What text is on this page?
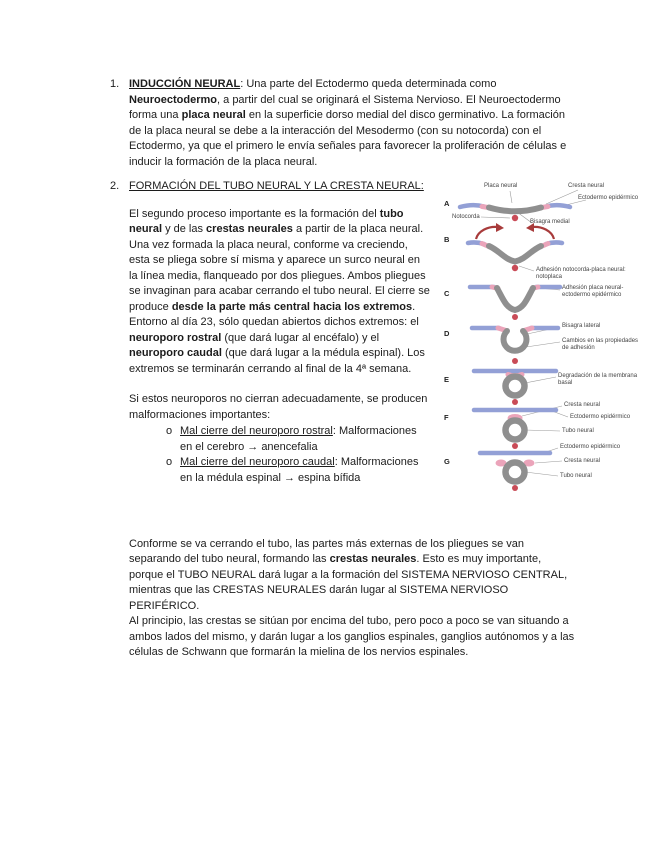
1. INDUCCIÓN NEURAL: Una parte del Ectodermo queda determinada como Neuroectodermo, a partir del cual se originará el Sistema Nervioso. El Neuroectodermo forma una placa neural en la superficie dorso medial del disco germinativo. La formación de la placa neural se debe a la interacción del Mesodermo (con su notocorda) con el Ectodermo, ya que el primero le envía señales para favorecer la proliferación de células e inducir la formación de la placa neural.

2. FORMACIÓN DEL TUBO NEURAL Y LA CRESTA NEURAL:

El segundo proceso importante es la formación del tubo neural y de las crestas neurales a partir de la placa neural. Una vez formada la placa neural, conforme va creciendo, esta se pliega sobre sí misma y aparece un surco neural en la línea media, flanqueado por dos pliegues. Ambos pliegues se invaginan para acabar cerrando el tubo neural. El cierre se produce desde la parte más central hacia los extremos. Entorno al día 23, sólo quedan abiertos dichos extremos: el neuroporo rostral (que dará lugar al encéfalo) y el neuroporo caudal (que dará lugar a la médula espinal). Los extremos se terminarán cerrando al final de la 4ª semana.

Si estos neuroporos no cierran adecuadamente, se producen malformaciones importantes:

o Mal cierre del neuroporo rostral: Malformaciones en el cerebro → anencefalia

o Mal cierre del neuroporo caudal: Malformaciones en la médula espinal → espina bífida

A
B
C
D
E
F
G
Placa neural	Cresta neural
Ectodermo epidérmico
Notocorda
Bisagra medial
Adhesión notocorda-placa neural: notoplaca
Adhesión placa neural-ectodermo epidérmico
Bisagra lateral
Cambios en las propiedades de adhesión
Degradación de la membrana basal
Cresta neural
Ectodermo epidérmico
Tubo neural
Ectodermo epidérmico
Cresta neural
Tubo neural

Conforme se va cerrando el tubo, las partes más externas de los pliegues se van separando del tubo neural, formando las crestas neurales. Esto es muy importante, porque el TUBO NEURAL dará lugar a la formación del SISTEMA NERVIOSO CENTRAL, mientras que las CRESTAS NEURALES darán lugar al SISTEMA NERVIOSO PERIFÉRICO.

Al principio, las crestas se sitúan por encima del tubo, pero poco a poco se van situando a ambos lados del mismo, y darán lugar a los ganglios espinales, ganglios autónomos y a las células de Schwann que formarán la mielina de los nervios espinales.
